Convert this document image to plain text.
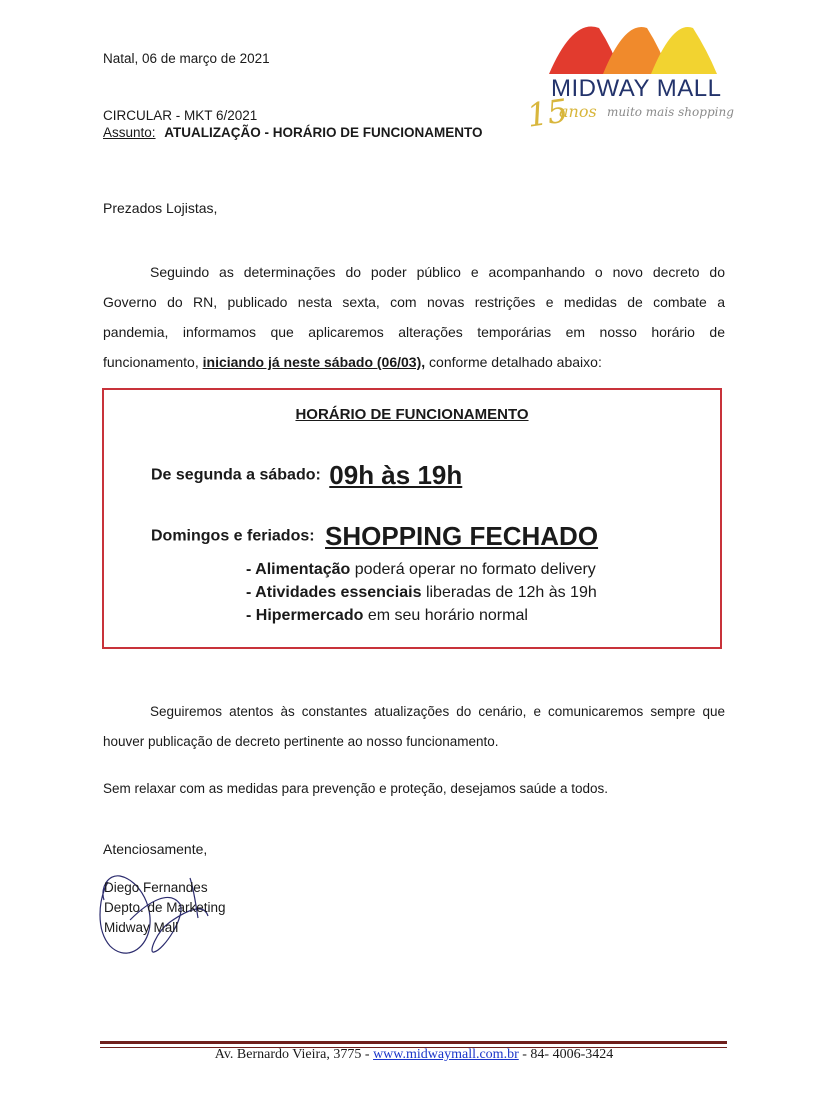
Natal, 06 de março de 2021
CIRCULAR - MKT 6/2021
Assunto: ATUALIZAÇÃO - HORÁRIO DE FUNCIONAMENTO
MIDWAY MALL
15
anos muito mais shopping
Prezados Lojistas,

Seguindo as determinações do poder público e acompanhando o novo decreto do

Governo do RN, publicado nesta sexta, com novas restrições e medidas de combate a

pandemia, informamos que aplicaremos alterações temporárias em nosso horário de

funcionamento, iniciando já neste sábado (06/03), conforme detalhado abaixo:

HORÁRIO DE FUNCIONAMENTO
De segunda a sábado: 09h às 19h
Domingos e feriados: SHOPPING FECHADO
- Alimentação poderá operar no formato delivery
- Atividades essenciais liberadas de 12h às 19h
- Hipermercado em seu horário normal

Seguiremos atentos às constantes atualizações do cenário, e comunicaremos sempre que

houver publicação de decreto pertinente ao nosso funcionamento.

Sem relaxar com as medidas para prevenção e proteção, desejamos saúde a todos.
Atenciosamente,
Diego Fernandes
Depto. de Marketing
Midway Mall
Av. Bernardo Vieira, 3775 - www.midwaymall.com.br - 84- 4006-3424
